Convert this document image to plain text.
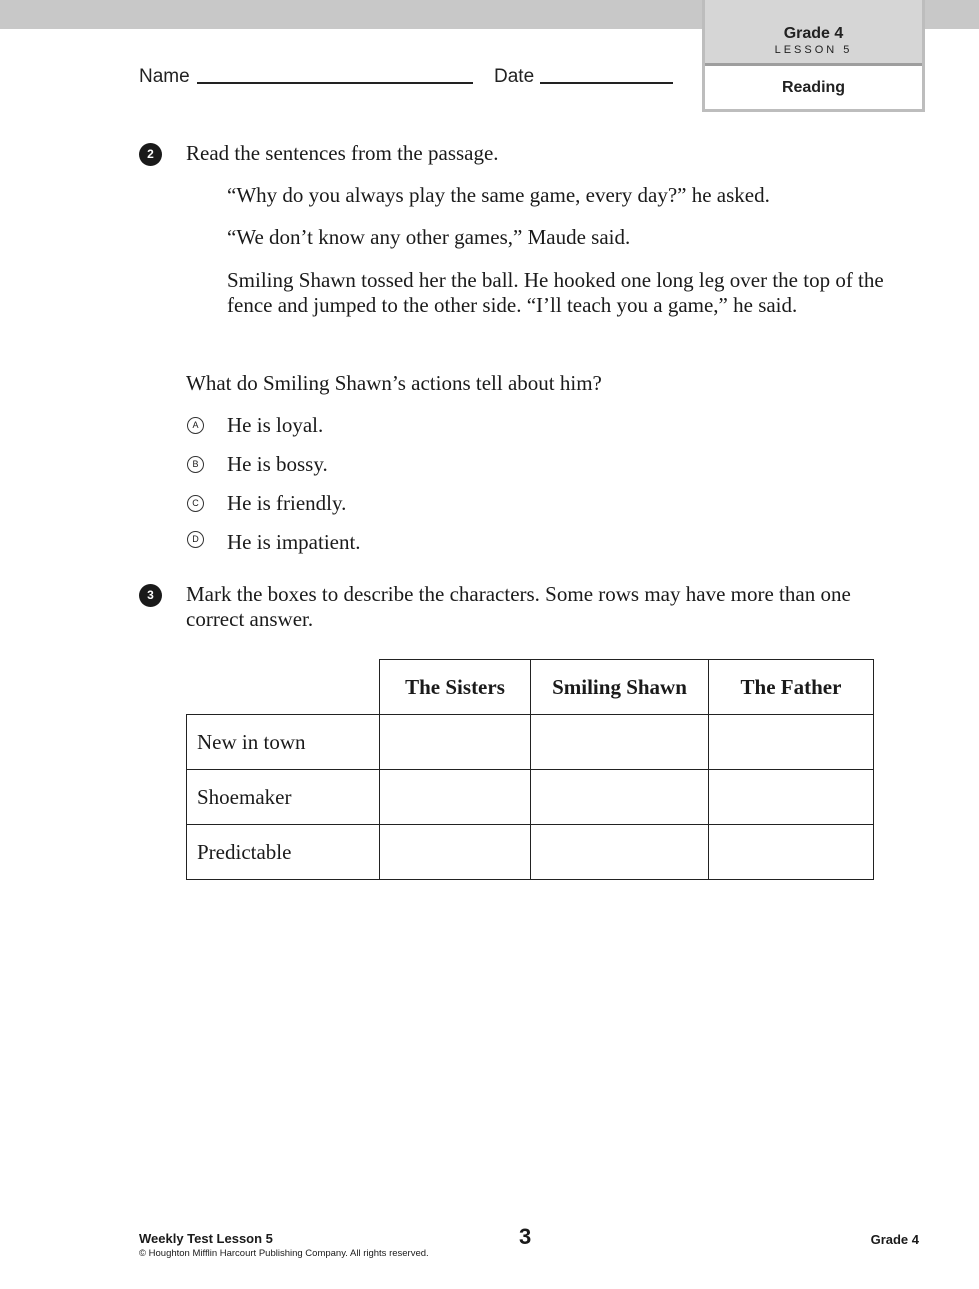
Grade 4
LESSON 5
Reading
Name	Date
2	Read the sentences from the passage.
“Why do you always play the same game, every day?” he asked.
“We don’t know any other games,” Maude said.
Smiling Shawn tossed her the ball. He hooked one long leg over the top of the fence and jumped to the other side. “I’ll teach you a game,” he said.
What do Smiling Shawn’s actions tell about him?
A He is loyal.
B He is bossy.
C He is friendly.
D He is impatient.
3	Mark the boxes to describe the characters. Some rows may have more than one correct answer.
	The Sisters	Smiling Shawn	The Father
New in town			
Shoemaker			
Predictable			
Weekly Test Lesson 5
© Houghton Mifflin Harcourt Publishing Company. All rights reserved.
3	Grade 4
